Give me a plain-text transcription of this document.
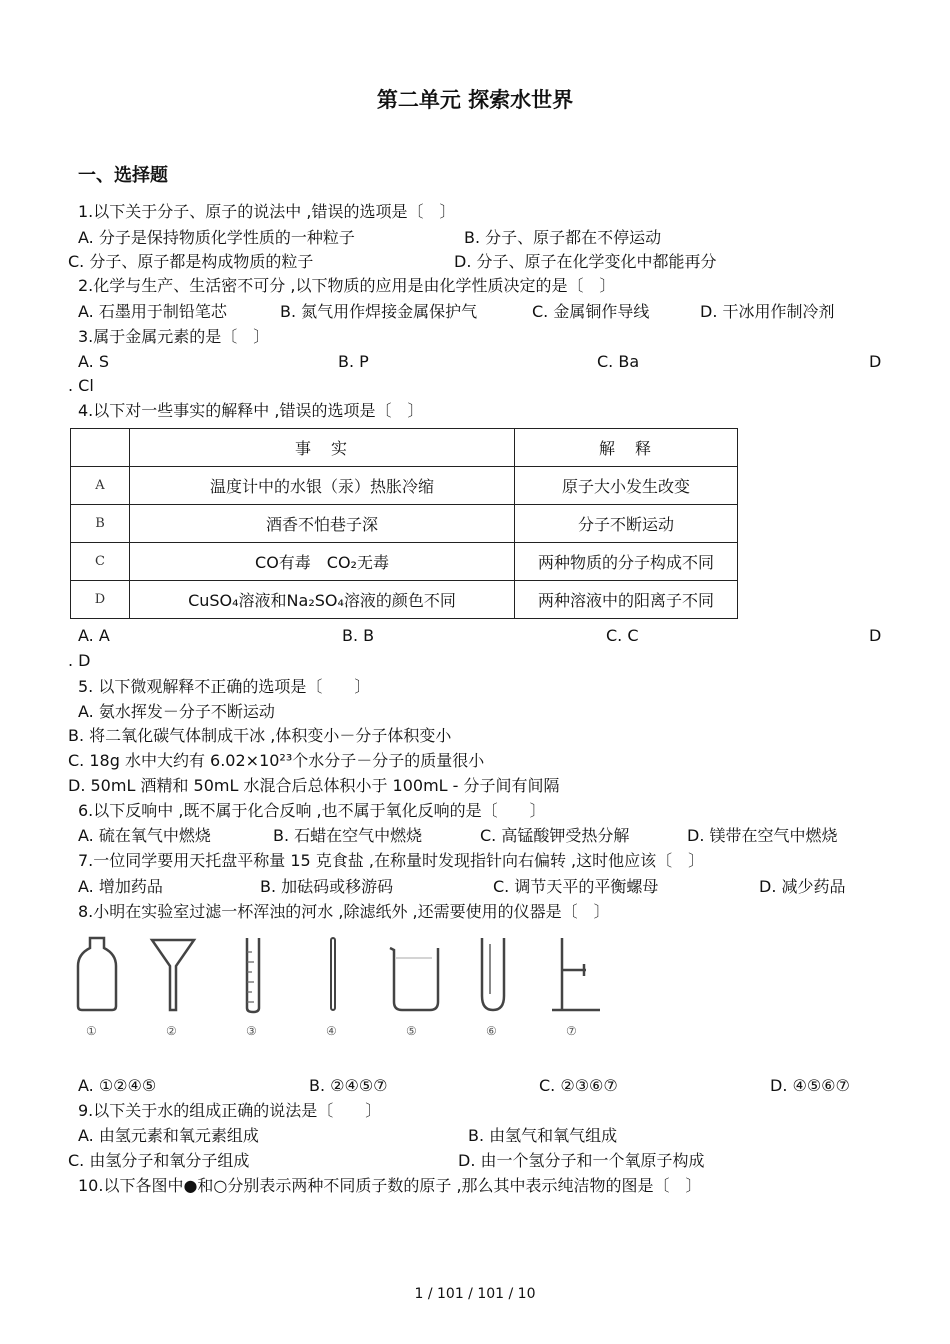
第二单元 探索水世界
一、选择题
1.以下关于分子、原子的说法中 ,错误的选项是〔　〕
A. 分子是保持物质化学性质的一种粒子	B. 分子、原子都在不停运动
C. 分子、原子都是构成物质的粒子	D. 分子、原子在化学变化中都能再分
2.化学与生产、生活密不可分 ,以下物质的应用是由化学性质决定的是〔　〕
A. 石墨用于制铅笔芯	B. 氮气用作焊接金属保护气	C. 金属铜作导线	D. 干冰用作制冷剂
3.属于金属元素的是〔　〕
A. S	B. P	C. Ba	D
. Cl
4.以下对一些事实的解释中 ,错误的选项是〔　〕
	事　实	解　释
A	温度计中的水银（汞）热胀冷缩	原子大小发生改变
B	酒香不怕巷子深	分子不断运动
C	CO有毒　CO₂无毒	两种物质的分子构成不同
D	CuSO₄溶液和Na₂SO₄溶液的颜色不同	两种溶液中的阳离子不同
A. A	B. B	C. C	D
. D
5. 以下微观解释不正确的选项是〔　　〕
A. 氨水挥发－分子不断运动
B. 将二氧化碳气体制成干冰 ,体积变小－分子体积变小
C. 18g 水中大约有 6.02×10²³个水分子－分子的质量很小
D. 50mL 酒精和 50mL 水混合后总体积小于 100mL - 分子间有间隔
6.以下反响中 ,既不属于化合反响 ,也不属于氧化反响的是〔　　〕
A. 硫在氧气中燃烧	B. 石蜡在空气中燃烧	C. 高锰酸钾受热分解	D. 镁带在空气中燃烧
7.一位同学要用天托盘平称量 15 克食盐 ,在称量时发现指针向右偏转 ,这时他应该〔　〕
A. 增加药品	B. 加砝码或移游码	C. 调节天平的平衡螺母	D. 减少药品
8.小明在实验室过滤一杯浑浊的河水 ,除滤纸外 ,还需要使用的仪器是〔　〕
①	②	③	④	⑤	⑥	⑦
A. ①②④⑤	B. ②④⑤⑦	C. ②③⑥⑦	D. ④⑤⑥⑦
9.以下关于水的组成正确的说法是〔　　〕
A. 由氢元素和氧元素组成	B. 由氢气和氧气组成
C. 由氢分子和氧分子组成	D. 由一个氢分子和一个氧原子构成
10.以下各图中●和○分别表示两种不同质子数的原子 ,那么其中表示纯洁物的图是〔　〕
1 / 101 / 101 / 10
